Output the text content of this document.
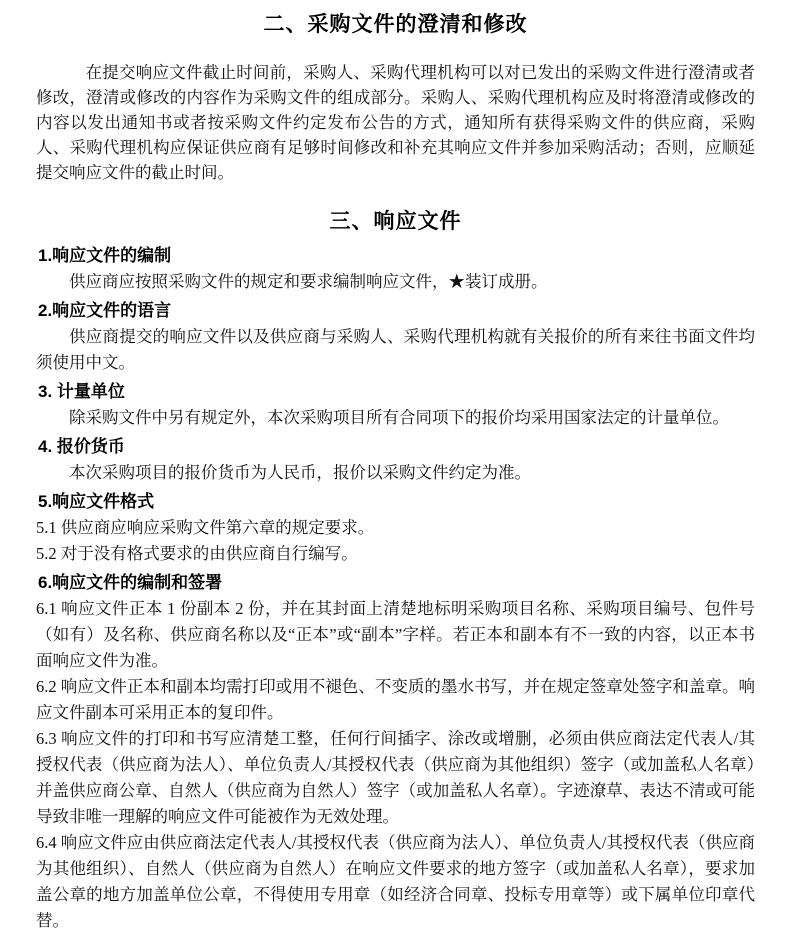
二、采购文件的澄清和修改

在提交响应文件截止时间前，采购人、采购代理机构可以对已发出的采购文件进行澄清或者修改，澄清或修改的内容作为采购文件的组成部分。采购人、采购代理机构应及时将澄清或修改的内容以发出通知书或者按采购文件约定发布公告的方式，通知所有获得采购文件的供应商，采购人、采购代理机构应保证供应商有足够时间修改和补充其响应文件并参加采购活动；否则，应顺延提交响应文件的截止时间。

三、响应文件
1.响应文件的编制

供应商应按照采购文件的规定和要求编制响应文件，★装订成册。

2.响应文件的语言

供应商提交的响应文件以及供应商与采购人、采购代理机构就有关报价的所有来往书面文件均须使用中文。

3. 计量单位

除采购文件中另有规定外，本次采购项目所有合同项下的报价均采用国家法定的计量单位。

4. 报价货币

本次采购项目的报价货币为人民币，报价以采购文件约定为准。

5.响应文件格式

5.1 供应商应响应采购文件第六章的规定要求。

5.2 对于没有格式要求的由供应商自行编写。

6.响应文件的编制和签署

6.1 响应文件正本 1 份副本 2 份，并在其封面上清楚地标明采购项目名称、采购项目编号、包件号（如有）及名称、供应商名称以及“正本”或“副本”字样。若正本和副本有不一致的内容，以正本书面响应文件为准。

6.2 响应文件正本和副本均需打印或用不褪色、不变质的墨水书写，并在规定签章处签字和盖章。响应文件副本可采用正本的复印件。

6.3 响应文件的打印和书写应清楚工整，任何行间插字、涂改或增删，必须由供应商法定代表人/其授权代表（供应商为法人）、单位负责人/其授权代表（供应商为其他组织）签字（或加盖私人名章）并盖供应商公章、自然人（供应商为自然人）签字（或加盖私人名章）。字迹潦草、表达不清或可能导致非唯一理解的响应文件可能被作为无效处理。

6.4 响应文件应由供应商法定代表人/其授权代表（供应商为法人）、单位负责人/其授权代表（供应商为其他组织）、自然人（供应商为自然人）在响应文件要求的地方签字（或加盖私人名章），要求加盖公章的地方加盖单位公章，不得使用专用章（如经济合同章、投标专用章等）或下属单位印章代替。
